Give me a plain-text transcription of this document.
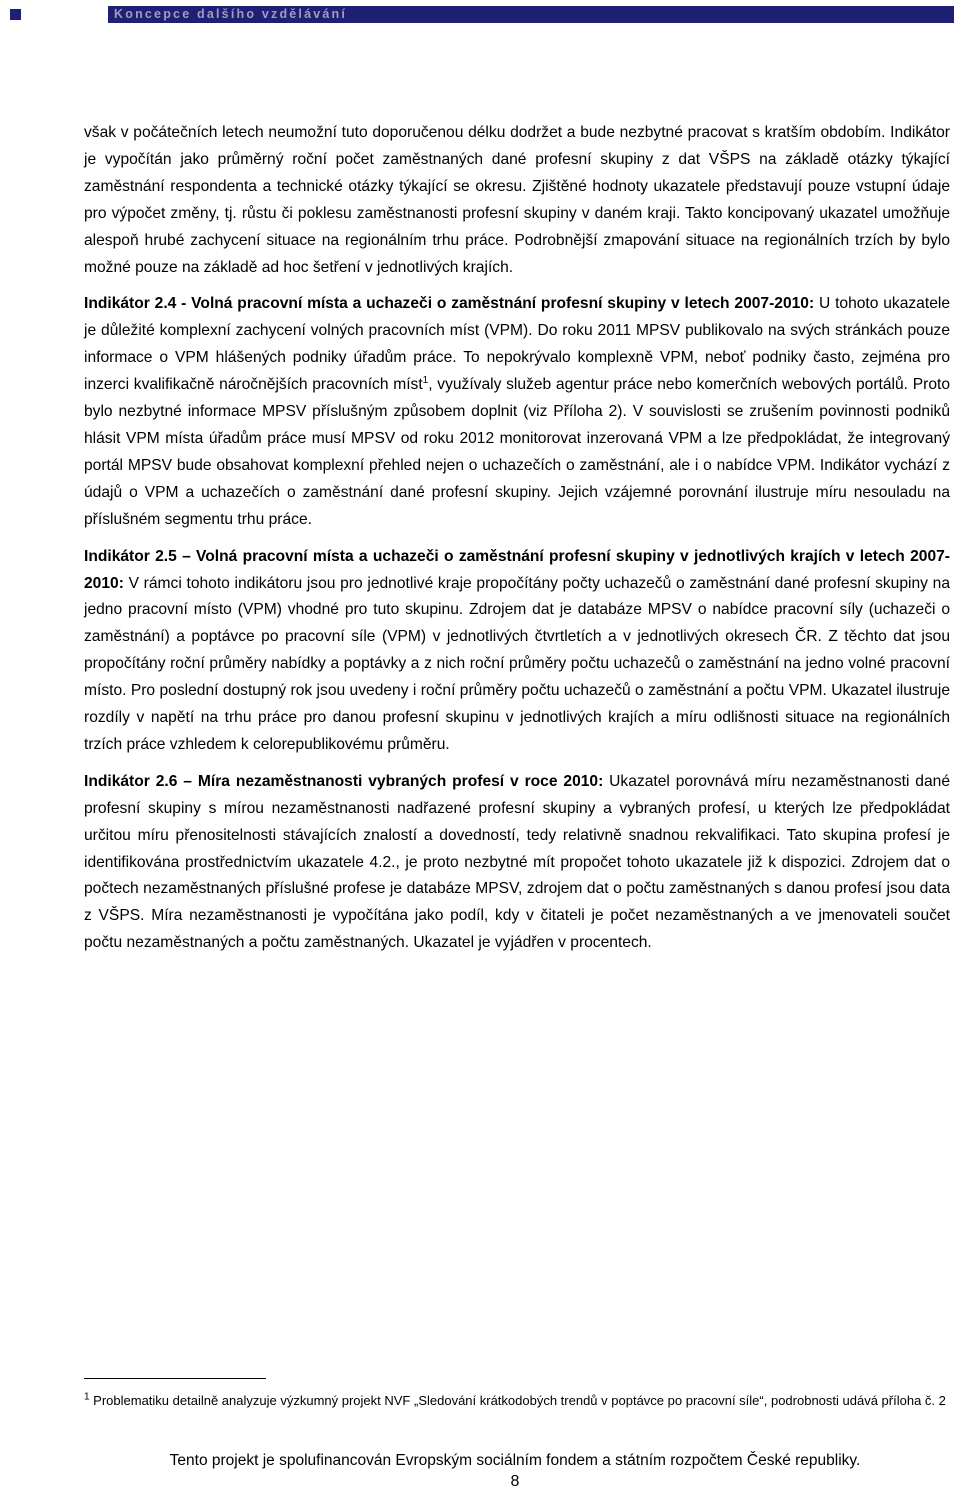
Koncepce dalšího vzdělávání

však v počátečních letech neumožní tuto doporučenou délku dodržet a bude nezbytné pracovat s kratším obdobím. Indikátor je vypočítán jako průměrný roční počet zaměstnaných dané profesní skupiny z dat VŠPS na základě otázky týkající zaměstnání respondenta a technické otázky týkající se okresu. Zjištěné hodnoty ukazatele představují pouze vstupní údaje pro výpočet změny, tj. růstu či poklesu zaměstnanosti profesní skupiny v daném kraji. Takto koncipovaný ukazatel umožňuje alespoň hrubé zachycení situace na regionálním trhu práce. Podrobnější zmapování situace na regionálních trzích by bylo možné pouze na základě ad hoc šetření v jednotlivých krajích.

Indikátor 2.4 - Volná pracovní místa a uchazeči o zaměstnání profesní skupiny v letech 2007-2010: U tohoto ukazatele je důležité komplexní zachycení volných pracovních míst (VPM). Do roku 2011 MPSV publikovalo na svých stránkách pouze informace o VPM hlášených podniky úřadům práce. To nepokrývalo komplexně VPM, neboť podniky často, zejména pro inzerci kvalifikačně náročnějších pracovních míst$^1$, využívaly služeb agentur práce nebo komerčních webových portálů. Proto bylo nezbytné informace MPSV příslušným způsobem doplnit (viz Příloha 2). V souvislosti se zrušením povinnosti podniků hlásit VPM místa úřadům práce musí MPSV od roku 2012 monitorovat inzerovaná VPM a lze předpokládat, že integrovaný portál MPSV bude obsahovat komplexní přehled nejen o uchazečích o zaměstnání, ale i o nabídce VPM. Indikátor vychází z údajů o VPM a uchazečích o zaměstnání dané profesní skupiny. Jejich vzájemné porovnání ilustruje míru nesouladu na příslušném segmentu trhu práce.

Indikátor 2.5 – Volná pracovní místa a uchazeči o zaměstnání profesní skupiny v jednotlivých krajích v letech 2007-2010: V rámci tohoto indikátoru jsou pro jednotlivé kraje propočítány počty uchazečů o zaměstnání dané profesní skupiny na jedno pracovní místo (VPM) vhodné pro tuto skupinu. Zdrojem dat je databáze MPSV o nabídce pracovní síly (uchazeči o zaměstnání) a poptávce po pracovní síle (VPM) v jednotlivých čtvrtletích a v jednotlivých okresech ČR. Z těchto dat jsou propočítány roční průměry nabídky a poptávky a z nich roční průměry počtu uchazečů o zaměstnání na jedno volné pracovní místo. Pro poslední dostupný rok jsou uvedeny i roční průměry počtu uchazečů o zaměstnání a počtu VPM. Ukazatel ilustruje rozdíly v napětí na trhu práce pro danou profesní skupinu v jednotlivých krajích a míru odlišnosti situace na regionálních trzích práce vzhledem k celorepublikovému průměru.

Indikátor 2.6 – Míra nezaměstnanosti vybraných profesí v roce 2010: Ukazatel porovnává míru nezaměstnanosti dané profesní skupiny s mírou nezaměstnanosti nadřazené profesní skupiny a vybraných profesí, u kterých lze předpokládat určitou míru přenositelnosti stávajících znalostí a dovedností, tedy relativně snadnou rekvalifikaci. Tato skupina profesí je identifikována prostřednictvím ukazatele 4.2., je proto nezbytné mít propočet tohoto ukazatele již k dispozici. Zdrojem dat o počtech nezaměstnaných příslušné profese je databáze MPSV, zdrojem dat o počtu zaměstnaných s danou profesí jsou data z VŠPS. Míra nezaměstnanosti je vypočítána jako podíl, kdy v čitateli je počet nezaměstnaných a ve jmenovateli součet počtu nezaměstnaných a počtu zaměstnaných. Ukazatel je vyjádřen v procentech.

$^1$ Problematiku detailně analyzuje výzkumný projekt NVF „Sledování krátkodobých trendů v poptávce po pracovní síle“, podrobnosti udává příloha č. 2
Tento projekt je spolufinancován Evropským sociálním fondem a státním rozpočtem České republiky.
8
